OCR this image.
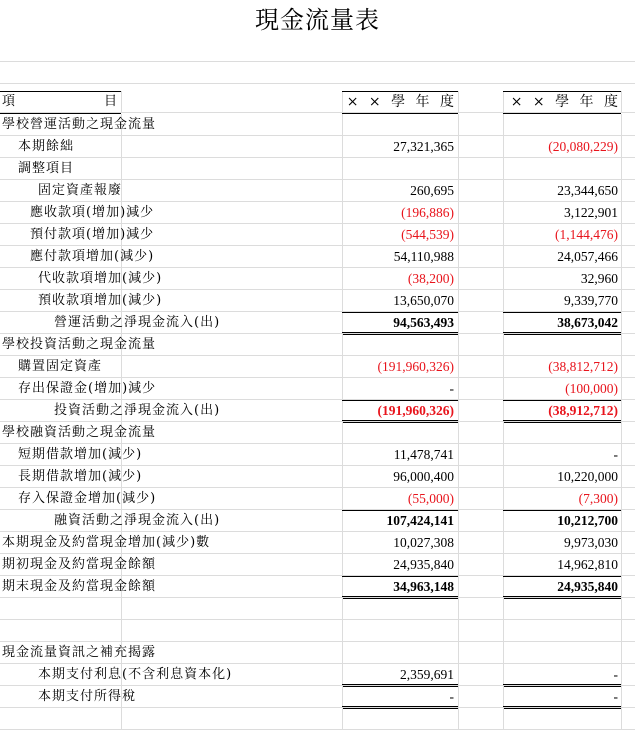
現金流量表
項	目	× × 學 年 度	× × 學 年 度
學校營運活動之現金流量
本期餘絀	27,321,365	(20,080,229)
調整項目
固定資產報廢	260,695	23,344,650
應收款項(增加)減少	(196,886)	3,122,901
預付款項(增加)減少	(544,539)	(1,144,476)
應付款項增加(減少)	54,110,988	24,057,466
代收款項增加(減少)	(38,200)	32,960
預收款項增加(減少)	13,650,070	9,339,770
營運活動之淨現金流入(出)	94,563,493	38,673,042
學校投資活動之現金流量
購置固定資產	(191,960,326)	(38,812,712)
存出保證金(增加)減少	-	(100,000)
投資活動之淨現金流入(出)	(191,960,326)	(38,912,712)
學校融資活動之現金流量
短期借款增加(減少)	11,478,741	-
長期借款增加(減少)	96,000,400	10,220,000
存入保證金增加(減少)	(55,000)	(7,300)
融資活動之淨現金流入(出)	107,424,141	10,212,700
本期現金及約當現金增加(減少)數	10,027,308	9,973,030
期初現金及約當現金餘額	24,935,840	14,962,810
期末現金及約當現金餘額	34,963,148	24,935,840
現金流量資訊之補充揭露
本期支付利息(不含利息資本化)	2,359,691	-
本期支付所得稅	-	-
